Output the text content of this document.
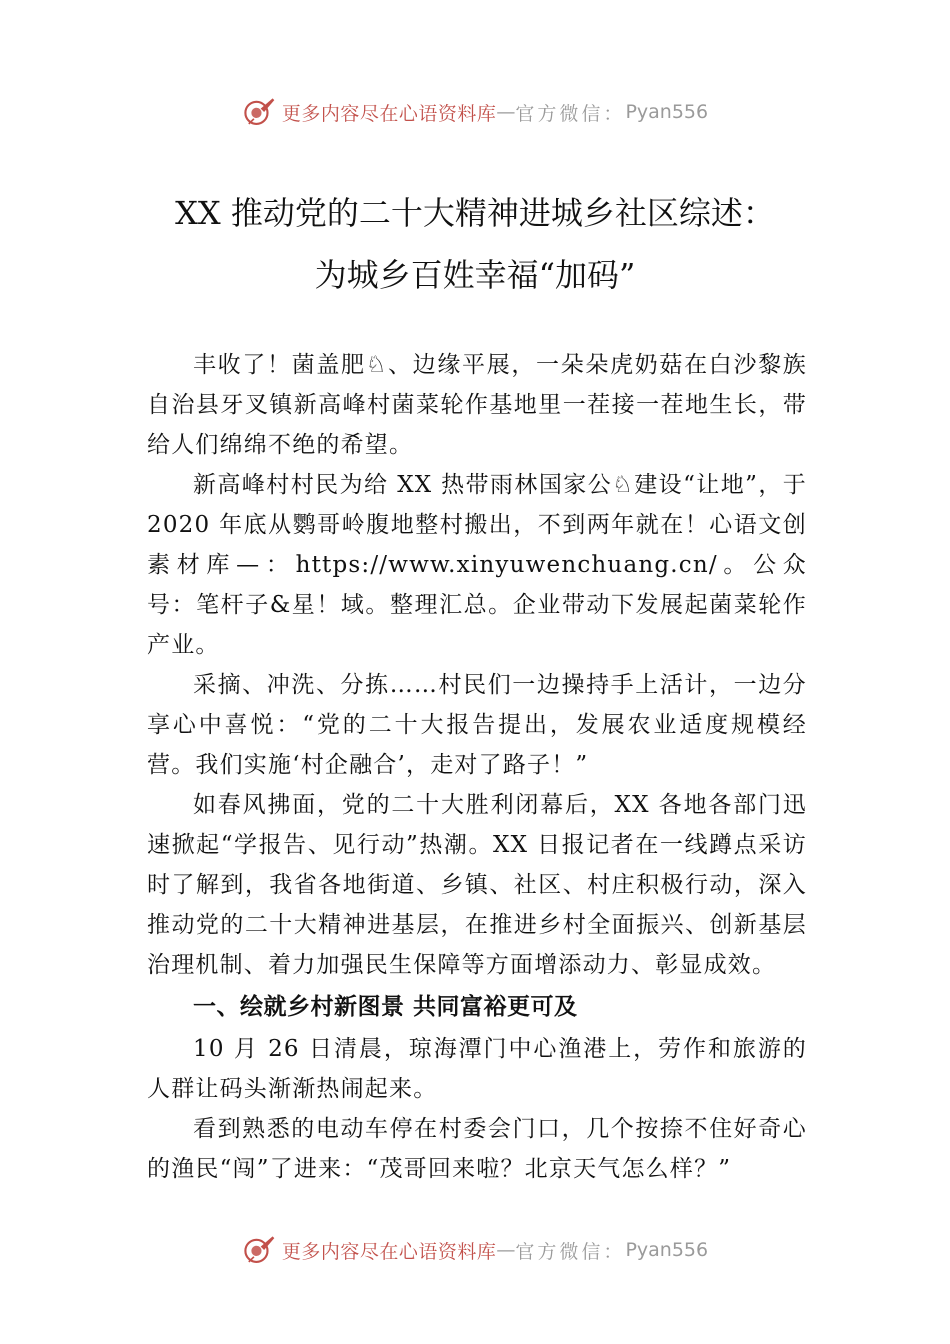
更多内容尽在心语资料库 — 官方微信： Pyan556
XX 推动党的二十大精神进城乡社区综述：
为城乡百姓幸福“加码”

丰收了！菌盖肥♘、边缘平展，一朵朵虎奶菇在白沙黎族自治县牙叉镇新高峰村菌菜轮作基地里一茬接一茬地生长，带给人们绵绵不绝的希望。

新高峰村村民为给 XX 热带雨林国家公♘建设“让地”，于 2020 年底从鹦哥岭腹地整村搬出，不到两年就在！心语文创素材库—：https://www.xinyuwenchuang.cn/。公众号：笔杆子&星！域。整理汇总。企业带动下发展起菌菜轮作产业。

采摘、冲洗、分拣……村民们一边操持手上活计，一边分享心中喜悦：“党的二十大报告提出，发展农业适度规模经营。我们实施‘村企融合’，走对了路子！”

如春风拂面，党的二十大胜利闭幕后，XX 各地各部门迅速掀起“学报告、见行动”热潮。XX 日报记者在一线蹲点采访时了解到，我省各地街道、乡镇、社区、村庄积极行动，深入推动党的二十大精神进基层，在推进乡村全面振兴、创新基层治理机制、着力加强民生保障等方面增添动力、彰显成效。

一、绘就乡村新图景 共同富裕更可及

10 月 26 日清晨，琼海潭门中心渔港上，劳作和旅游的人群让码头渐渐热闹起来。

看到熟悉的电动车停在村委会门口，几个按捺不住好奇心的渔民“闯”了进来：“茂哥回来啦？北京天气怎么样？”

更多内容尽在心语资料库 — 官方微信： Pyan556
